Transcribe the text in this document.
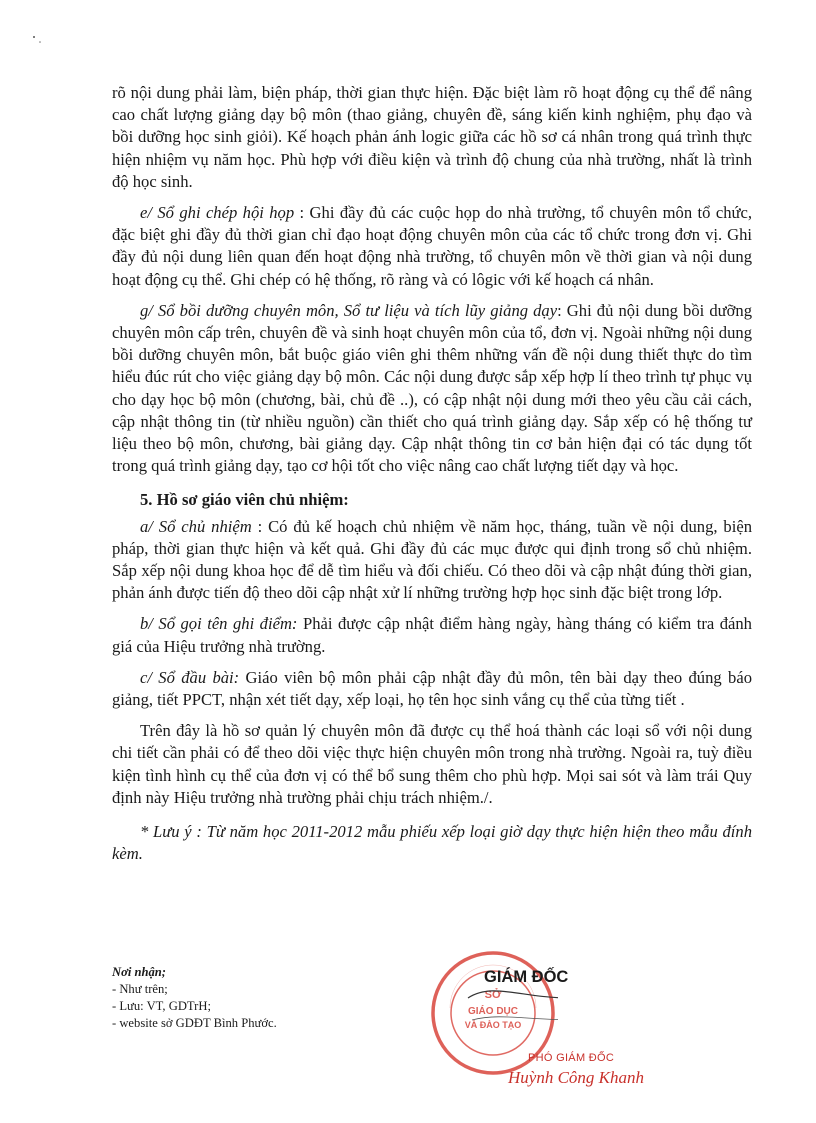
rõ nội dung phải làm, biện pháp, thời gian thực hiện. Đặc biệt làm rõ hoạt động cụ thể để nâng cao chất lượng giảng dạy bộ môn (thao giảng, chuyên đề, sáng kiến kinh nghiệm, phụ đạo và bồi dưỡng học sinh giỏi). Kế hoạch phản ánh logic giữa các hồ sơ cá nhân trong quá trình thực hiện nhiệm vụ năm học. Phù hợp với điều kiện và trình độ chung của nhà trường, nhất là trình độ học sinh.

e/ Sổ ghi chép hội họp : Ghi đầy đủ các cuộc họp do nhà trường, tổ chuyên môn tổ chức, đặc biệt ghi đầy đủ thời gian chỉ đạo hoạt động chuyên môn của các tổ chức trong đơn vị. Ghi đầy đủ nội dung liên quan đến hoạt động nhà trường, tổ chuyên môn về thời gian và nội dung hoạt động cụ thể. Ghi chép có hệ thống, rõ ràng và có lôgic với kế hoạch cá nhân.

g/ Sổ bồi dưỡng chuyên môn, Sổ tư liệu và tích lũy giảng dạy: Ghi đủ nội dung bồi dưỡng chuyên môn cấp trên, chuyên đề và sinh hoạt chuyên môn của tổ, đơn vị. Ngoài những nội dung bồi dưỡng chuyên môn, bắt buộc giáo viên ghi thêm những vấn đề nội dung thiết thực do tìm hiểu đúc rút cho việc giảng dạy bộ môn. Các nội dung được sắp xếp hợp lí theo trình tự phục vụ cho dạy học bộ môn (chương, bài, chủ đề ..), có cập nhật nội dung mới theo yêu cầu cải cách, cập nhật thông tin (từ nhiều nguồn) cần thiết cho quá trình giảng dạy. Sắp xếp có hệ thống tư liệu theo bộ môn, chương, bài giảng dạy. Cập nhật thông tin cơ bản hiện đại có tác dụng tốt trong quá trình giảng dạy, tạo cơ hội tốt cho việc nâng cao chất lượng tiết dạy và học.

5. Hồ sơ giáo viên chủ nhiệm:

a/ Sổ chủ nhiệm : Có đủ kế hoạch chủ nhiệm về năm học, tháng, tuần về nội dung, biện pháp, thời gian thực hiện và kết quả. Ghi đầy đủ các mục được qui định trong sổ chủ nhiệm. Sắp xếp nội dung khoa học để dễ tìm hiểu và đối chiếu. Có theo dõi và cập nhật đúng thời gian, phản ánh được tiến độ theo dõi cập nhật xử lí những trường hợp học sinh đặc biệt trong lớp.

b/ Sổ gọi tên ghi điểm: Phải được cập nhật điểm hàng ngày, hàng tháng có kiểm tra đánh giá của Hiệu trưởng nhà trường.

c/ Sổ đầu bài: Giáo viên bộ môn phải cập nhật đầy đủ môn, tên bài dạy theo đúng báo giảng, tiết PPCT, nhận xét tiết dạy, xếp loại, họ tên học sinh vắng cụ thể của từng tiết .

Trên đây là hồ sơ quản lý chuyên môn đã được cụ thể hoá thành các loại sổ với nội dung chi tiết cần phải có để theo dõi việc thực hiện chuyên môn trong nhà trường. Ngoài ra, tuỳ điều kiện tình hình cụ thể của đơn vị có thể bổ sung thêm cho phù hợp. Mọi sai sót và làm trái Quy định này Hiệu trưởng nhà trường phải chịu trách nhiệm./.

* Lưu ý : Từ năm học 2011-2012 mẫu phiếu xếp loại giờ dạy thực hiện hiện theo mẫu đính kèm.

Nơi nhận;
- Như trên;
- Lưu: VT, GDTrH;
- website sở GDĐT Bình Phước.
SỞ
GIÁO DỤC
VÀ ĐÀO TẠO
GIÁM ĐỐC
PHÓ GIÁM ĐỐC
Huỳnh Công Khanh
